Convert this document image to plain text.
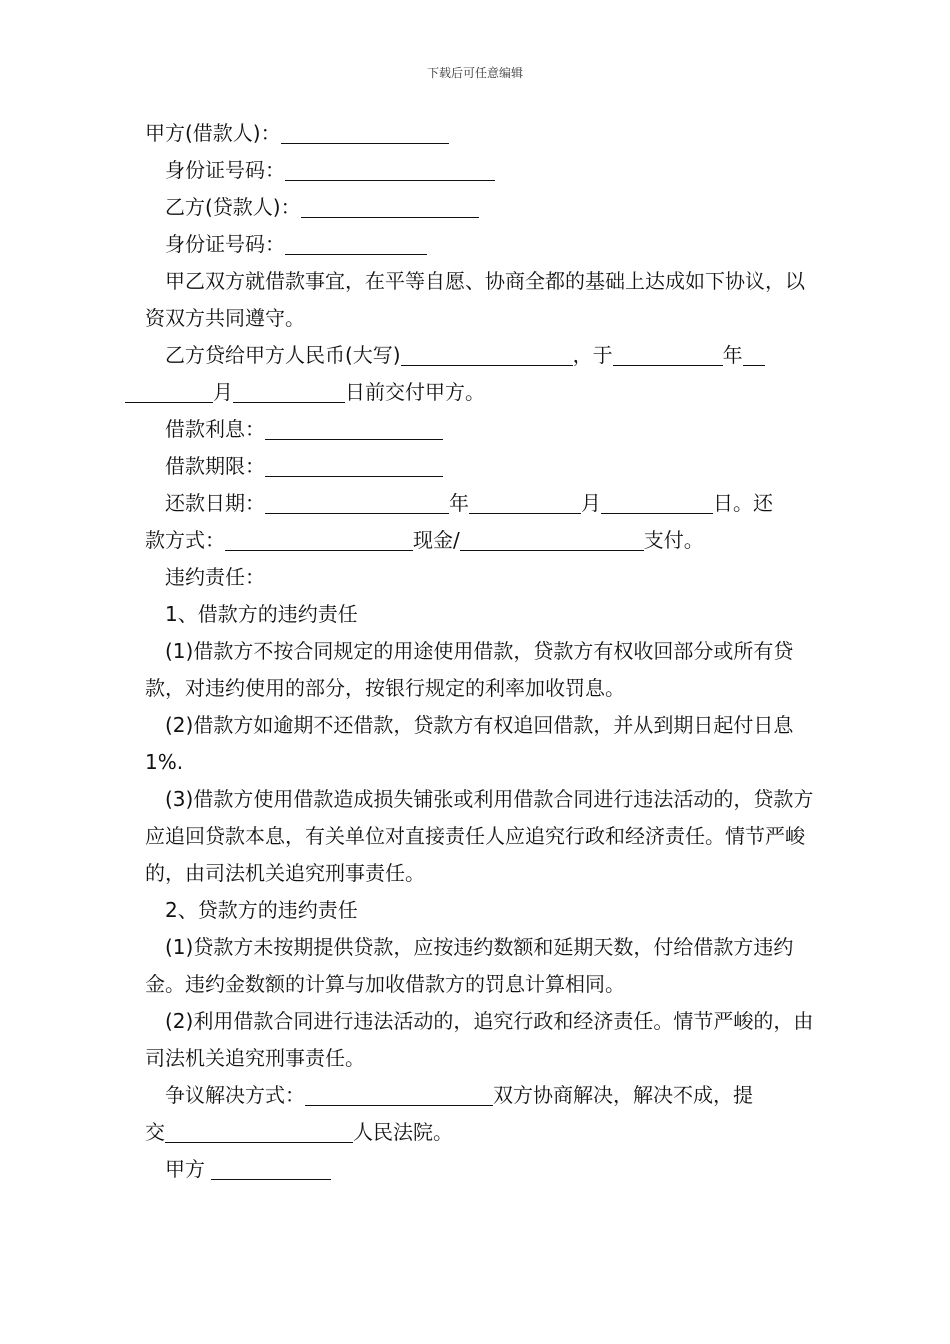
下载后可任意编辑
甲方(借款人)：
身份证号码：
乙方(贷款人)：
身份证号码：
甲乙双方就借款事宜，在平等自愿、协商全都的基础上达成如下协议，以资双方共同遵守。
乙方贷给甲方人民币(大写)	，于	年
月	日前交付甲方。
借款利息：
借款期限：
还款日期：	年	月	日。还
款方式：	现金/	支付。
违约责任：
1、借款方的违约责任
(1)借款方不按合同规定的用途使用借款，贷款方有权收回部分或所有贷款，对违约使用的部分，按银行规定的利率加收罚息。
(2)借款方如逾期不还借款，贷款方有权追回借款，并从到期日起付日息 1%.
(3)借款方使用借款造成损失铺张或利用借款合同进行违法活动的，贷款方应追回贷款本息，有关单位对直接责任人应追究行政和经济责任。情节严峻的，由司法机关追究刑事责任。
2、贷款方的违约责任
(1)贷款方未按期提供贷款，应按违约数额和延期天数，付给借款方违约金。违约金数额的计算与加收借款方的罚息计算相同。
(2)利用借款合同进行违法活动的，追究行政和经济责任。情节严峻的，由司法机关追究刑事责任。
争议解决方式：	双方协商解决，解决不成，提
交	人民法院。
甲方
